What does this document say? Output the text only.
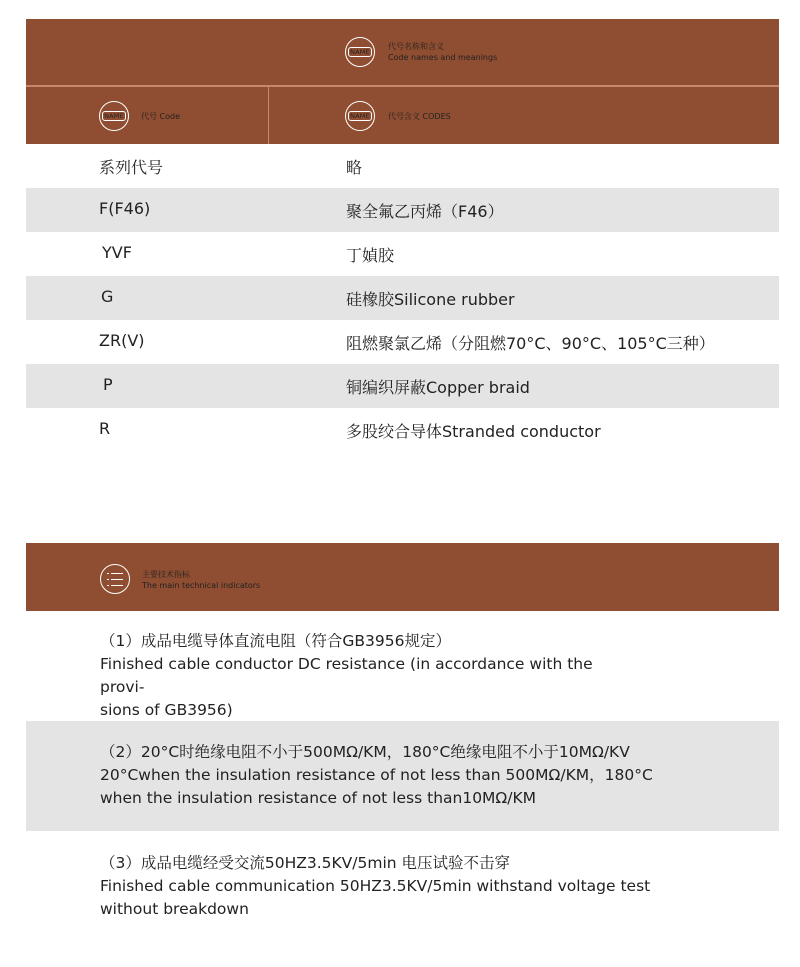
NAME
代号名称和含义
Code names and meanings
NAME 代号 Code	NAME 代号含义 CODES
系列代号	略
F(F46)	聚全氟乙丙烯（F46）
YVF	丁媜胶
G	硅橡胶Silicone rubber
ZR(V)	阻燃聚氯乙烯（分阻燃70°C、90°C、105°C三种）
P	铜编织屏蔽Copper braid
R	多股绞合导体Stranded conductor
主要技术指标
The main technical indicators
（1）成品电缆导体直流电阻（符合GB3956规定）
Finished cable conductor DC resistance (in accordance with the provi-
sions of GB3956)
（2）20°C时绝缘电阻不小于500MΩ/KM，180°C绝缘电阻不小于10MΩ/KV
20°Cwhen the insulation resistance of not less than 500MΩ/KM，180°C
when the insulation resistance of not less than10MΩ/KM
（3）成品电缆经受交流50HZ3.5KV/5min 电压试验不击穿
Finished cable communication 50HZ3.5KV/5min withstand voltage test
without breakdown
